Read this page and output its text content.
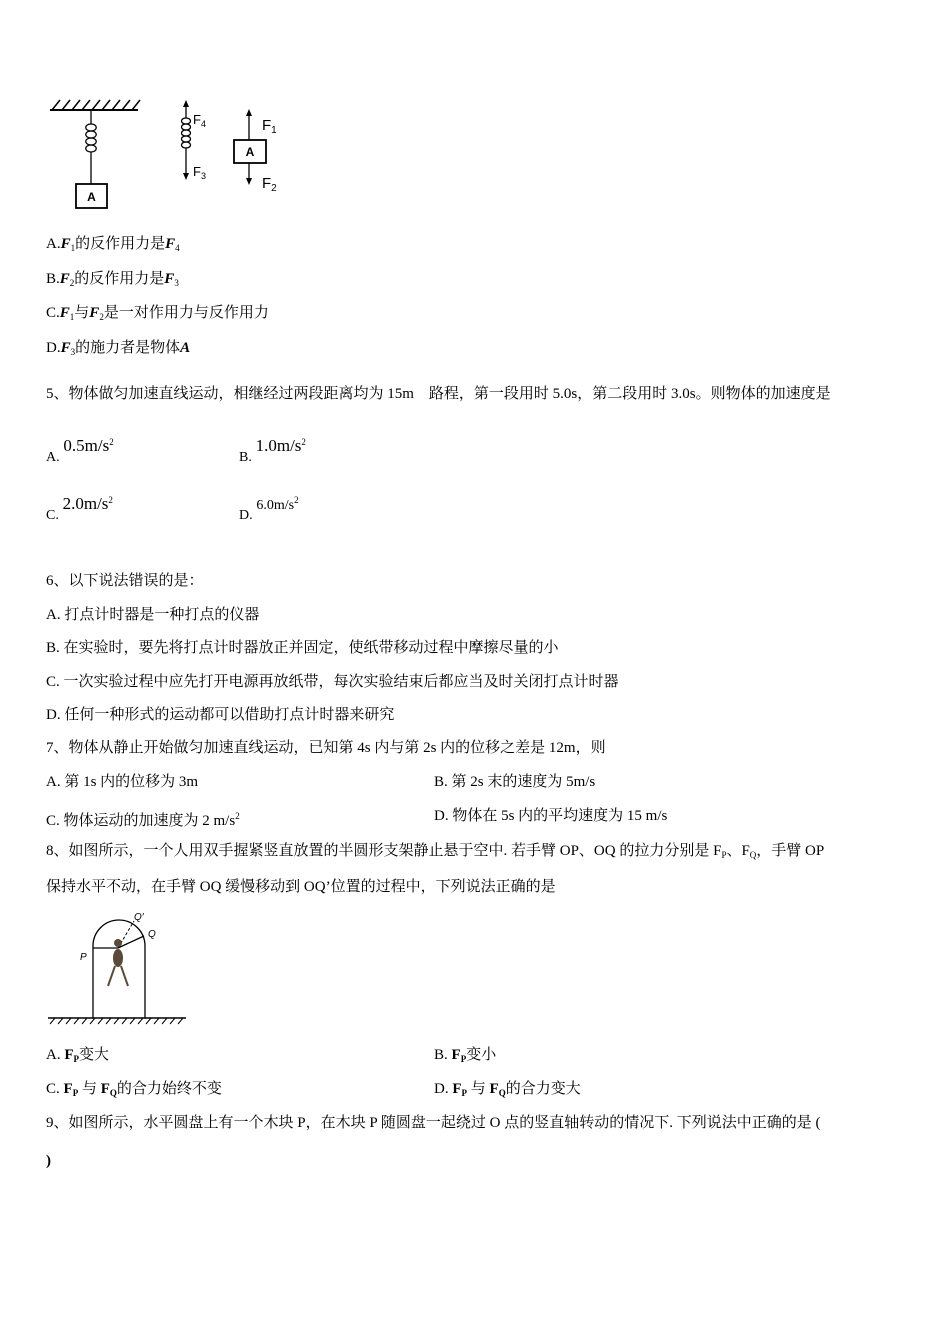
A
$F_4$
$F_3$
A
$F_1$
$F_2$
$A.F_1$的反作用力是$F_4$
$B.F_2$的反作用力是$F_3$
$C.F_1$与$F_2$是一对作用力与反作用力
$D.F_3$的施力者是物体A
5、物体做匀加速直线运动，相继经过两段距离均为 15m　路程，第一段用时 5.0s，第二段用时 3.0s。则物体的加速度是
A. $0.5m/s^2$
B. $1.0m/s^2$
C. $2.0m/s^2$
D. $6.0m/s^2$
6、以下说法错误的是：
A. 打点计时器是一种打点的仪器
B. 在实验时，要先将打点计时器放正并固定，使纸带移动过程中摩擦尽量的小
C. 一次实验过程中应先打开电源再放纸带，每次实验结束后都应当及时关闭打点计时器
D. 任何一种形式的运动都可以借助打点计时器来研究
7、物体从静止开始做匀加速直线运动，已知第 4s 内与第 2s 内的位移之差是 12m，则
A. 第 1s 内的位移为 3m	B. 第 2s 末的速度为 5m/s
C. 物体运动的加速度为 2 $m/s^2$	D. 物体在 5s 内的平均速度为 15 m/s
8、如图所示，一个人用双手握紧竖直放置的半圆形支架静止悬于空中. 若手臂 OP、OQ 的拉力分别是 $F_P$、$F_Q$，手臂 OP
保持水平不动，在手臂 OQ 缓慢移动到 OQ’位置的过程中，下列说法正确的是
P
Q
Q′
A. $F_P$变大	B. $F_P$变小
C. $F_P$ 与 $F_Q$的合力始终不变	D. $F_P$ 与 $F_Q$的合力变大
9、如图所示，水平圆盘上有一个木块 P，在木块 P 随圆盘一起绕过 O 点的竖直轴转动的情况下. 下列说法中正确的是 (
)
